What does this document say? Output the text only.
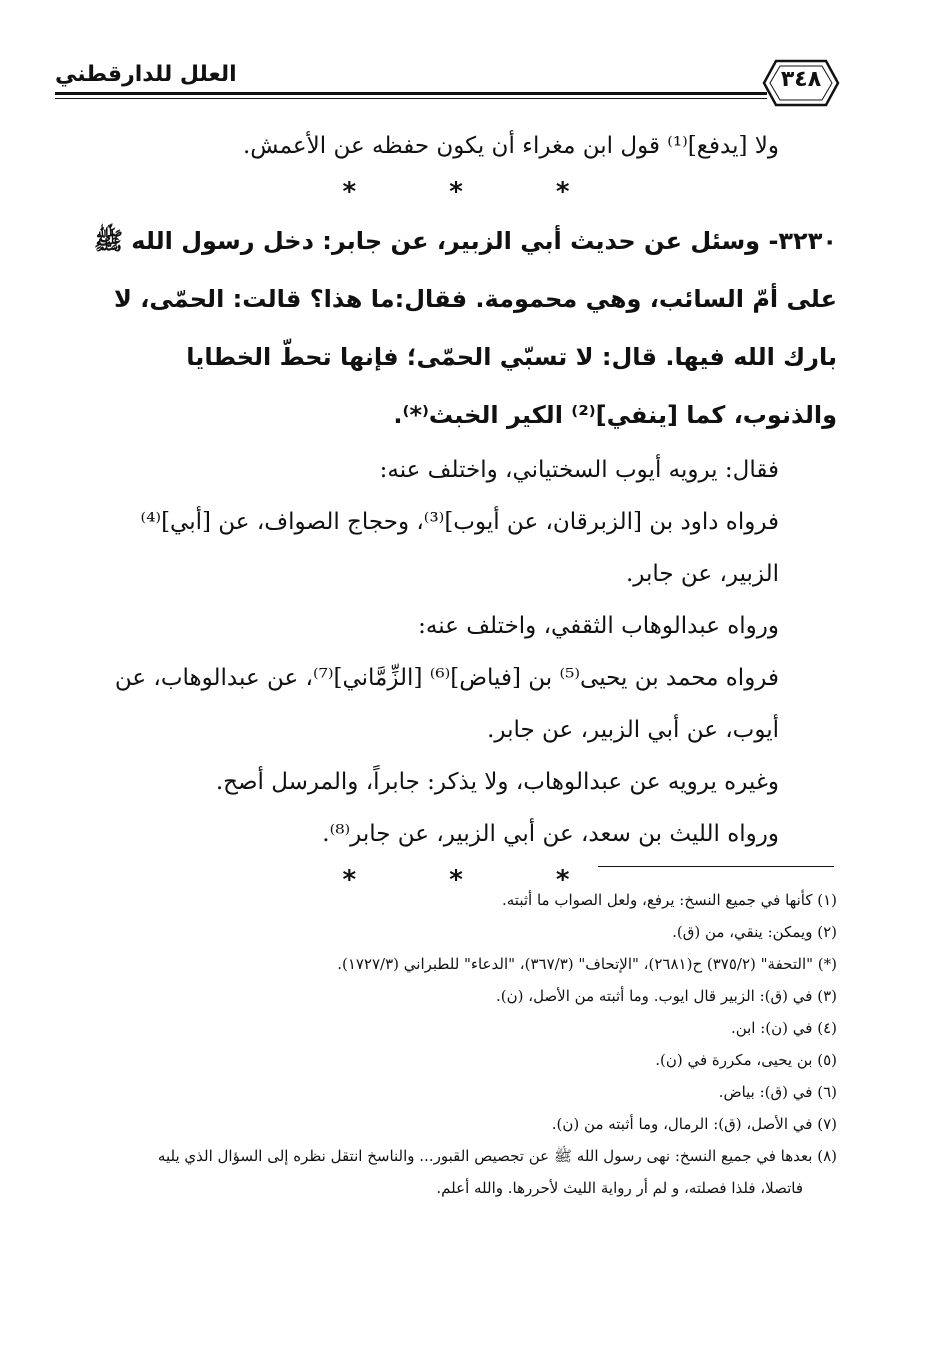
العلل للدارقطني	٣٤٨

ولا [يدفع]⁽¹⁾ قول ابن مغراء أن يكون حفظه عن الأعمش.

* * *

٣٢٣٠- وسئل عن حديث أبي الزبير، عن جابر: دخل رسول الله ﷺ على أمّ السائب، وهي محمومة. فقال:ما هذا؟ قالت: الحمّى، لا بارك الله فيها. قال: لا تسبّي الحمّى؛ فإنها تحطّ الخطايا والذنوب، كما [ينفي]⁽²⁾ الكير الخبث⁽*⁾.

فقال: يرويه أيوب السختياني، واختلف عنه:

فرواه داود بن [الزبرقان، عن أيوب]⁽³⁾، وحجاج الصواف، عن [أبي]⁽⁴⁾ الزبير، عن جابر.

ورواه عبدالوهاب الثقفي، واختلف عنه:

فرواه محمد بن يحيى⁽⁵⁾ بن [فياض]⁽⁶⁾ [الزِّمَّاني]⁽⁷⁾، عن عبدالوهاب، عن أيوب، عن أبي الزبير، عن جابر.

وغيره يرويه عن عبدالوهاب، ولا يذكر: جابراً، والمرسل أصح.

ورواه الليث بن سعد، عن أبي الزبير، عن جابر⁽⁸⁾.

* * *

(١) كأنها في جميع النسخ: يرفع، ولعل الصواب ما أثبته.

(٢) ويمكن: ينقي، من (ق).

(*) "التحفة" (٣٧٥/٢) ح(٢٦٨١)، "الإتحاف" (٣٦٧/٣)، "الدعاء" للطبراني (١٧٢٧/٣).

(٣) في (ق): الزبير قال ايوب. وما أثبته من الأصل، (ن).

(٤) في (ن): ابن.

(٥) بن يحيى، مكررة في (ن).

(٦) في (ق): بياض.

(٧) في الأصل، (ق): الرمال، وما أثبته من (ن).

(٨) بعدها في جميع النسخ: نهى رسول الله ﷺ عن تجصيص القبور... والناسخ انتقل نظره إلى السؤال الذي يليه

فاتصلا، فلذا فصلته، و لم أر رواية الليث لأحررها. والله أعلم.
